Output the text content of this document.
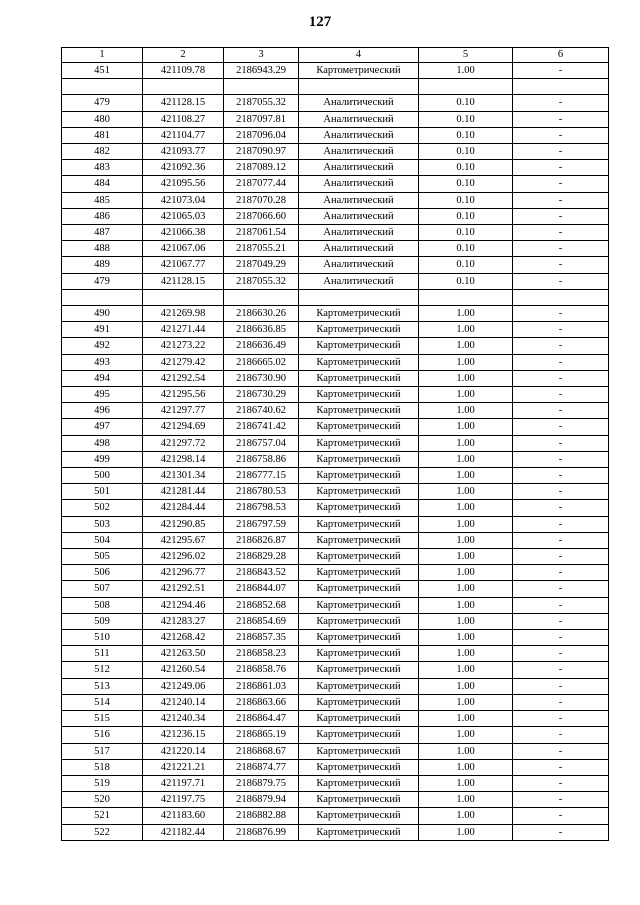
127
1	2	3	4	5	6
451	421109.78	2186943.29	Картометрический	1.00	-

479	421128.15	2187055.32	Аналитический	0.10	-
480	421108.27	2187097.81	Аналитический	0.10	-
481	421104.77	2187096.04	Аналитический	0.10	-
482	421093.77	2187090.97	Аналитический	0.10	-
483	421092.36	2187089.12	Аналитический	0.10	-
484	421095.56	2187077.44	Аналитический	0.10	-
485	421073.04	2187070.28	Аналитический	0.10	-
486	421065.03	2187066.60	Аналитический	0.10	-
487	421066.38	2187061.54	Аналитический	0.10	-
488	421067.06	2187055.21	Аналитический	0.10	-
489	421067.77	2187049.29	Аналитический	0.10	-
479	421128.15	2187055.32	Аналитический	0.10	-

490	421269.98	2186630.26	Картометрический	1.00	-
491	421271.44	2186636.85	Картометрический	1.00	-
492	421273.22	2186636.49	Картометрический	1.00	-
493	421279.42	2186665.02	Картометрический	1.00	-
494	421292.54	2186730.90	Картометрический	1.00	-
495	421295.56	2186730.29	Картометрический	1.00	-
496	421297.77	2186740.62	Картометрический	1.00	-
497	421294.69	2186741.42	Картометрический	1.00	-
498	421297.72	2186757.04	Картометрический	1.00	-
499	421298.14	2186758.86	Картометрический	1.00	-
500	421301.34	2186777.15	Картометрический	1.00	-
501	421281.44	2186780.53	Картометрический	1.00	-
502	421284.44	2186798.53	Картометрический	1.00	-
503	421290.85	2186797.59	Картометрический	1.00	-
504	421295.67	2186826.87	Картометрический	1.00	-
505	421296.02	2186829.28	Картометрический	1.00	-
506	421296.77	2186843.52	Картометрический	1.00	-
507	421292.51	2186844.07	Картометрический	1.00	-
508	421294.46	2186852.68	Картометрический	1.00	-
509	421283.27	2186854.69	Картометрический	1.00	-
510	421268.42	2186857.35	Картометрический	1.00	-
511	421263.50	2186858.23	Картометрический	1.00	-
512	421260.54	2186858.76	Картометрический	1.00	-
513	421249.06	2186861.03	Картометрический	1.00	-
514	421240.14	2186863.66	Картометрический	1.00	-
515	421240.34	2186864.47	Картометрический	1.00	-
516	421236.15	2186865.19	Картометрический	1.00	-
517	421220.14	2186868.67	Картометрический	1.00	-
518	421221.21	2186874.77	Картометрический	1.00	-
519	421197.71	2186879.75	Картометрический	1.00	-
520	421197.75	2186879.94	Картометрический	1.00	-
521	421183.60	2186882.88	Картометрический	1.00	-
522	421182.44	2186876.99	Картометрический	1.00	-
